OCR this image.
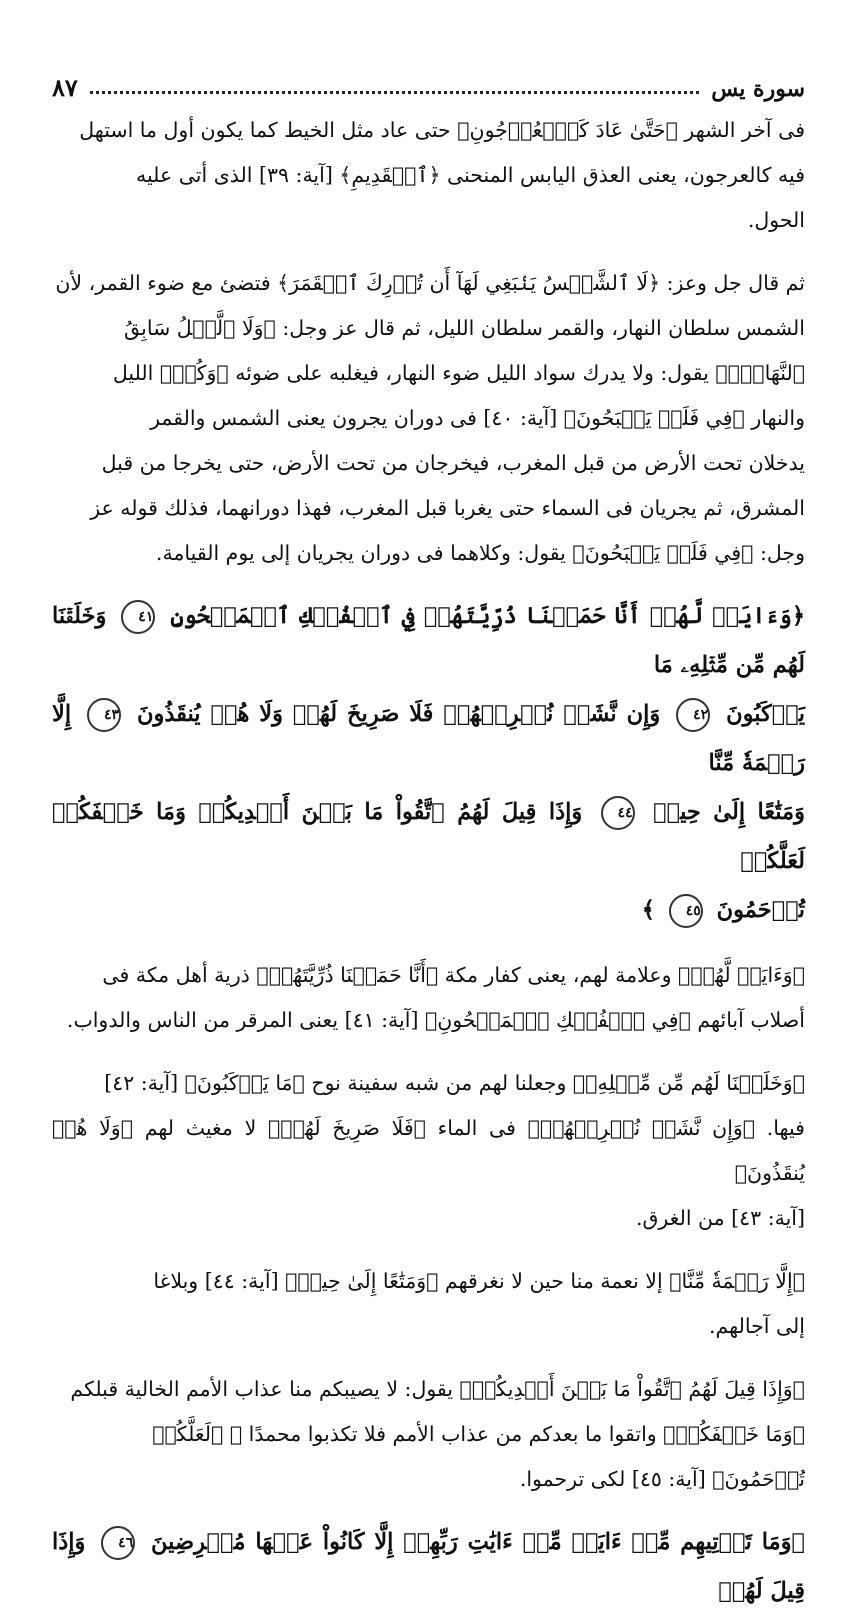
سورة يس
٨٧

فى آخر الشهر ﴿حَتَّىٰ عَادَ كَٱلۡعُرۡجُونِ﴾ حتى عاد مثل الخيط كما يكون أول ما استهل
فيه كالعرجون، يعنى العذق اليابس المنحنى ﴿ٱلۡقَدِيمِ﴾ [آية: ٣٩] الذى أتى عليه
الحول.

ثم قال جل وعز: ﴿لَا ٱلشَّمۡسُ يَنۢبَغِي لَهَآ أَن تُدۡرِكَ ٱلۡقَمَرَ﴾ فتضئ مع ضوء القمر، لأن
الشمس سلطان النهار، والقمر سلطان الليل، ثم قال عز وجل: ﴿وَلَا ٱلَّيۡلُ سَابِقُ
ٱلنَّهَارِۚ﴾ يقول: ولا يدرك سواد الليل ضوء النهار، فيغلبه على ضوئه ﴿وَكُلٞ﴾ الليل
والنهار ﴿فِي فَلَكٖ يَسۡبَحُونَ﴾ [آية: ٤٠] فى دوران يجرون يعنى الشمس والقمر
يدخلان تحت الأرض من قبل المغرب، فيخرجان من تحت الأرض، حتى يخرجا من قبل
المشرق، ثم يجريان فى السماء حتى يغربا قبل المغرب، فهذا دورانهما، فذلك قوله عز
وجل: ﴿فِي فَلَكٖ يَسۡبَحُونَ﴾ يقول: وكلاهما فى دوران يجريان إلى يوم القيامة.

﴿وَءَايَةٞ لَّهُمۡ أَنَّا حَمَلۡنَا ذُرِّيَّتَهُمۡ فِي ٱلۡفُلۡكِ ٱلۡمَشۡحُونِ ٤١ وَخَلَقۡنَا لَهُم مِّن مِّثۡلِهِۦ مَا
يَرۡكَبُونَ ٤٢ وَإِن نَّشَأۡ نُغۡرِقۡهُمۡ فَلَا صَرِيخَ لَهُمۡ وَلَا هُمۡ يُنقَذُونَ ٤٣ إِلَّا رَحۡمَةٗ مِّنَّا
وَمَتَٰعًا إِلَىٰ حِينٖ ٤٤ وَإِذَا قِيلَ لَهُمُ ٱتَّقُواْ مَا بَيۡنَ أَيۡدِيكُمۡ وَمَا خَلۡفَكُمۡ لَعَلَّكُمۡ
تُرۡحَمُونَ ٤٥ ﴾

﴿وَءَايَةٞ لَّهُمۡ﴾ وعلامة لهم، يعنى كفار مكة ﴿أَنَّا حَمَلۡنَا ذُرِّيَّتَهُمۡ﴾ ذرية أهل مكة فى
أصلاب آبائهم ﴿فِي ٱلۡفُلۡكِ ٱلۡمَشۡحُونِ﴾ [آية: ٤١] يعنى المرقر من الناس والدواب.

﴿وَخَلَقۡنَا لَهُم مِّن مِّثۡلِهِۦ﴾ وجعلنا لهم من شبه سفينة نوح ﴿مَا يَرۡكَبُونَ﴾ [آية: ٤٢]
فيها. ﴿وَإِن نَّشَأۡ نُغۡرِقۡهُمۡ﴾ فى الماء ﴿فَلَا صَرِيخَ لَهُمۡ﴾ لا مغيث لهم ﴿وَلَا هُمۡ يُنقَذُونَ﴾
[آية: ٤٣] من الغرق.

﴿إِلَّا رَحۡمَةٗ مِّنَّا﴾ إلا نعمة منا حين لا نغرقهم ﴿وَمَتَٰعًا إِلَىٰ حِينٖ﴾ [آية: ٤٤] وبلاغا
إلى آجالهم.

﴿وَإِذَا قِيلَ لَهُمُ ٱتَّقُواْ مَا بَيۡنَ أَيۡدِيكُمۡ﴾ يقول: لا يصيبكم منا عذاب الأمم الخالية قبلكم
﴿وَمَا خَلۡفَكُمۡ﴾ واتقوا ما بعدكم من عذاب الأمم فلا تكذبوا محمدًا ﷺ ﴿لَعَلَّكُمۡ
تُرۡحَمُونَ﴾ [آية: ٤٥] لكى ترحموا.

﴿وَمَا تَأۡتِيهِم مِّنۡ ءَايَةٖ مِّنۡ ءَايَٰتِ رَبِّهِمۡ إِلَّا كَانُواْ عَنۡهَا مُعۡرِضِينَ ٤٦ وَإِذَا قِيلَ لَهُمۡ
